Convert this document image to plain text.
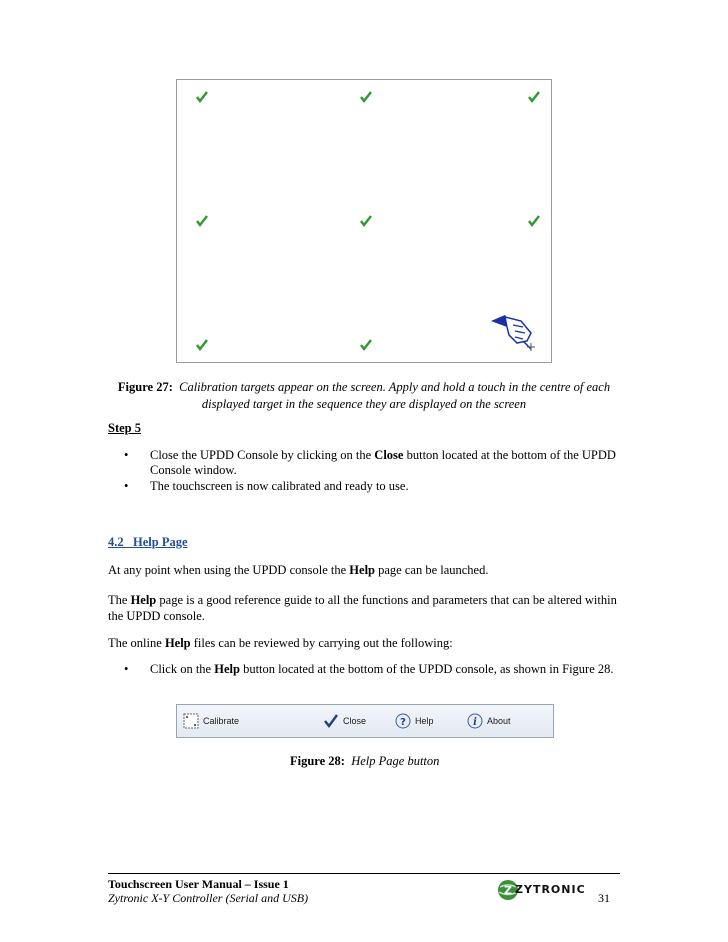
Figure 27: Calibration targets appear on the screen. Apply and hold a touch in the centre of each
displayed target in the sequence they are displayed on the screen
Step 5
• Close the UPDD Console by clicking on the Close button located at the bottom of the UPDD
Console window.
• The touchscreen is now calibrated and ready to use.
4.2 Help Page
At any point when using the UPDD console the Help page can be launched.
The Help page is a good reference guide to all the functions and parameters that can be altered within
the UPDD console.
The online Help files can be reviewed by carrying out the following:
• Click on the Help button located at the bottom of the UPDD console, as shown in Figure 28.
Calibrate	Close	? Help	i About
Figure 28: Help Page button
Touchscreen User Manual – Issue 1
Zytronic X-Y Controller (Serial and USB)
Z ZYTRONIC
31
